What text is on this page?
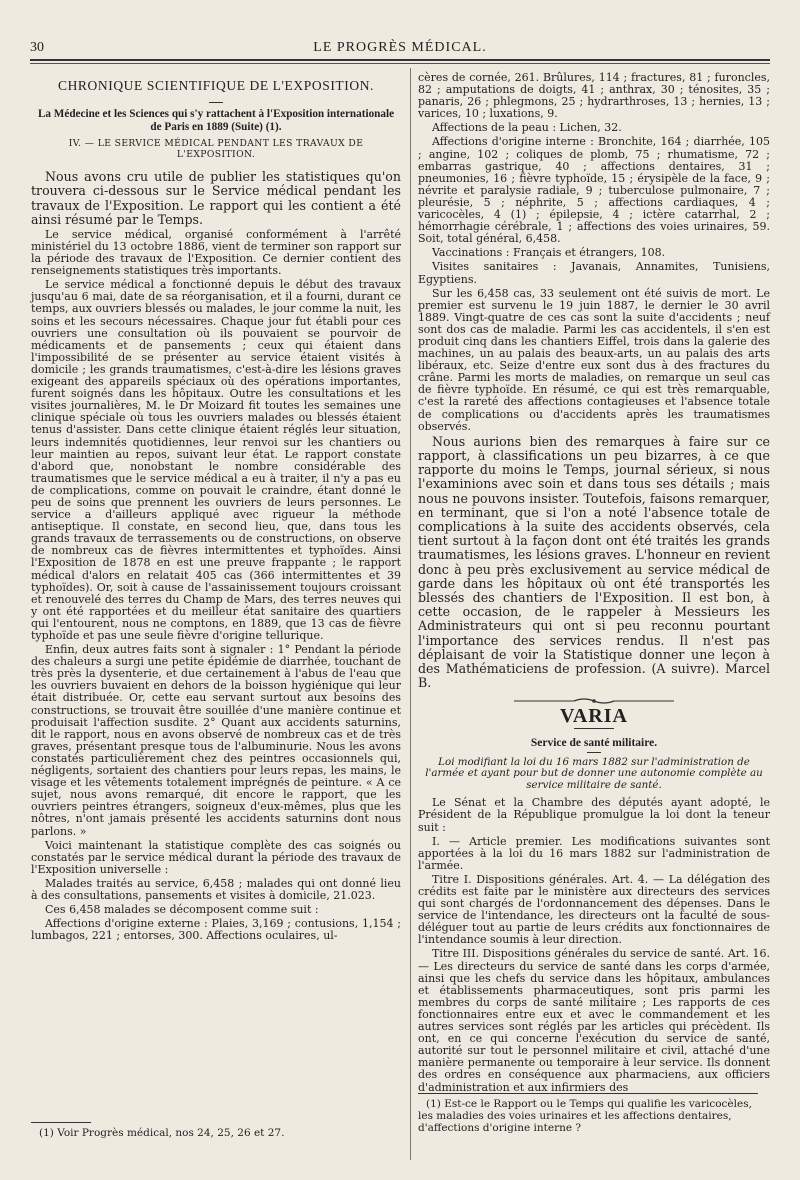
30	LE PROGRÈS MÉDICAL.
CHRONIQUE SCIENTIFIQUE DE L'EXPOSITION.
La Médecine et les Sciences qui s'y rattachent à l'Exposition internationale de Paris en 1889 (Suite) (1).
IV. — LE SERVICE MÉDICAL PENDANT LES TRAVAUX DE L'EXPOSITION.

Nous avons cru utile de publier les statistiques qu'on trouvera ci-dessous sur le Service médical pendant les travaux de l'Exposition. Le rapport qui les contient a été ainsi résumé par le Temps.

Le service médical, organisé conformément à l'arrêté ministériel du 13 octobre 1886, vient de terminer son rapport sur la période des travaux de l'Exposition. Ce dernier contient des renseignements statistiques très importants.

Le service médical a fonctionné depuis le début des travaux jusqu'au 6 mai, date de sa réorganisation, et il a fourni, durant ce temps, aux ouvriers blessés ou malades, le jour comme la nuit, les soins et les secours nécessaires. Chaque jour fut établi pour ces ouvriers une consultation où ils pouvaient se pourvoir de médicaments et de pansements ; ceux qui étaient dans l'impossibilité de se présenter au service étaient visités à domicile ; les grands traumatismes, c'est-à-dire les lésions graves exigeant des appareils spéciaux où des opérations importantes, furent soignés dans les hôpitaux. Outre les consultations et les visites journalières, M. le Dr Moizard fit toutes les semaines une clinique spéciale où tous les ouvriers malades ou blessés étaient tenus d'assister. Dans cette clinique étaient réglés leur situation, leurs indemnités quotidiennes, leur renvoi sur les chantiers ou leur maintien au repos, suivant leur état. Le rapport constate d'abord que, nonobstant le nombre considérable des traumatismes que le service médical a eu à traiter, il n'y a pas eu de complications, comme on pouvait le craindre, étant donné le peu de soins que prennent les ouvriers de leurs personnes. Le service a d'ailleurs appliqué avec rigueur la méthode antiseptique. Il constate, en second lieu, que, dans tous les grands travaux de terrassements ou de constructions, on observe de nombreux cas de fièvres intermittentes et typhoïdes. Ainsi l'Exposition de 1878 en est une preuve frappante ; le rapport médical d'alors en relatait 405 cas (366 intermittentes et 39 typhoïdes). Or, soit à cause de l'assainissement toujours croissant et renouvelé des terres du Champ de Mars, des terres neuves qui y ont été rapportées et du meilleur état sanitaire des quartiers qui l'entourent, nous ne comptons, en 1889, que 13 cas de fièvre typhoïde et pas une seule fièvre d'origine tellurique.

Enfin, deux autres faits sont à signaler : 1° Pendant la période des chaleurs a surgi une petite épidémie de diarrhée, touchant de très près la dysenterie, et due certainement à l'abus de l'eau que les ouvriers buvaient en dehors de la boisson hygiénique qui leur était distribuée. Or, cette eau servant surtout aux besoins des constructions, se trouvait être souillée d'une manière continue et produisait l'affection susdite. 2° Quant aux accidents saturnins, dit le rapport, nous en avons observé de nombreux cas et de très graves, présentant presque tous de l'albuminurie. Nous les avons constatés particulièrement chez des peintres occasionnels qui, négligents, sortaient des chantiers pour leurs repas, les mains, le visage et les vêtements totalement imprégnés de peinture. « A ce sujet, nous avons remarqué, dit encore le rapport, que les ouvriers peintres étrangers, soigneux d'eux-mêmes, plus que les nôtres, n'ont jamais présenté les accidents saturnins dont nous parlons. »

Voici maintenant la statistique complète des cas soignés ou constatés par le service médical durant la période des travaux de l'Exposition universelle :

Malades traités au service, 6,458 ; malades qui ont donné lieu à des consultations, pansements et visites à domicile, 21.023.

Ces 6,458 malades se décomposent comme suit :

Affections d'origine externe : Plaies, 3,169 ; contusions, 1,154 ; lumbagos, 221 ; entorses, 300. Affections oculaires, ul-

(1) Voir Progrès médical, nos 24, 25, 26 et 27.

cères de cornée, 261. Brûlures, 114 ; fractures, 81 ; furoncles, 82 ; amputations de doigts, 41 ; anthrax, 30 ; ténosites, 35 ; panaris, 26 ; phlegmons, 25 ; hydrarthroses, 13 ; hernies, 13 ; varices, 10 ; luxations, 9.

Affections de la peau : Lichen, 32.

Affections d'origine interne : Bronchite, 164 ; diarrhée, 105 ; angine, 102 ; coliques de plomb, 75 ; rhumatisme, 72 ; embarras gastrique, 40 ; affections dentaires, 31 ; pneumonies, 16 ; fièvre typhoïde, 15 ; érysipèle de la face, 9 ; névrite et paralysie radiale, 9 ; tuberculose pulmonaire, 7 ; pleurésie, 5 ; néphrite, 5 ; affections cardiaques, 4 ; varicocèles, 4 (1) ; épilepsie, 4 ; ictère catarrhal, 2 ; hémorrhagie cérébrale, 1 ; affections des voies urinaires, 59. Soit, total général, 6,458.

Vaccinations : Français et étrangers, 108.

Visites sanitaires : Javanais, Annamites, Tunisiens, Egyptiens.

Sur les 6,458 cas, 33 seulement ont été suivis de mort. Le premier est survenu le 19 juin 1887, le dernier le 30 avril 1889. Vingt-quatre de ces cas sont la suite d'accidents ; neuf sont dos cas de maladie. Parmi les cas accidentels, il s'en est produit cinq dans les chantiers Eiffel, trois dans la galerie des machines, un au palais des beaux-arts, un au palais des arts libéraux, etc. Seize d'entre eux sont dus à des fractures du crâne. Parmi les morts de maladies, on remarque un seul cas de fièvre typhoïde. En résumé, ce qui est très remarquable, c'est la rareté des affections contagieuses et l'absence totale de complications ou d'accidents après les traumatismes observés.

Nous aurions bien des remarques à faire sur ce rapport, à classifications un peu bizarres, à ce que rapporte du moins le Temps, journal sérieux, si nous l'examinions avec soin et dans tous ses détails ; mais nous ne pouvons insister. Toutefois, faisons remarquer, en terminant, que si l'on a noté l'absence totale de complications à la suite des accidents observés, cela tient surtout à la façon dont ont été traités les grands traumatismes, les lésions graves. L'honneur en revient donc à peu près exclusivement au service médical de garde dans les hôpitaux où ont été transportés les blessés des chantiers de l'Exposition. Il est bon, à cette occasion, de le rappeler à Messieurs les Administrateurs qui ont si peu reconnu pourtant l'importance des services rendus. Il n'est pas déplaisant de voir la Statistique donner une leçon à des Mathématiciens de profession. (A suivre). Marcel B.

VARIA
Service de santé militaire.
Loi modifiant la loi du 16 mars 1882 sur l'administration de l'armée et ayant pour but de donner une autonomie complète au service militaire de santé.

Le Sénat et la Chambre des députés ayant adopté, le Président de la République promulgue la loi dont la teneur suit :

I. — Article premier. Les modifications suivantes sont apportées à la loi du 16 mars 1882 sur l'administration de l'armée.

Titre I. Dispositions générales. Art. 4. — La délégation des crédits est faite par le ministère aux directeurs des services qui sont chargés de l'ordonnancement des dépenses. Dans le service de l'intendance, les directeurs ont la faculté de sous-déléguer tout au partie de leurs crédits aux fonctionnaires de l'intendance soumis à leur direction.

Titre III. Dispositions générales du service de santé. Art. 16. — Les directeurs du service de santé dans les corps d'armée, ainsi que les chefs du service dans les hôpitaux, ambulances et établissements pharmaceutiques, sont pris parmi les membres du corps de santé militaire ; Les rapports de ces fonctionnaires entre eux et avec le commandement et les autres services sont réglés par les articles qui précèdent. Ils ont, en ce qui concerne l'exécution du service de santé, autorité sur tout le personnel militaire et civil, attaché d'une manière permanente ou temporaire à leur service. Ils donnent des ordres en conséquence aux pharmaciens, aux officiers d'administration et aux infirmiers des

(1) Est-ce le Rapport ou le Temps qui qualifie les varicocèles, les maladies des voies urinaires et les affections dentaires, d'affections d'origine interne ?
